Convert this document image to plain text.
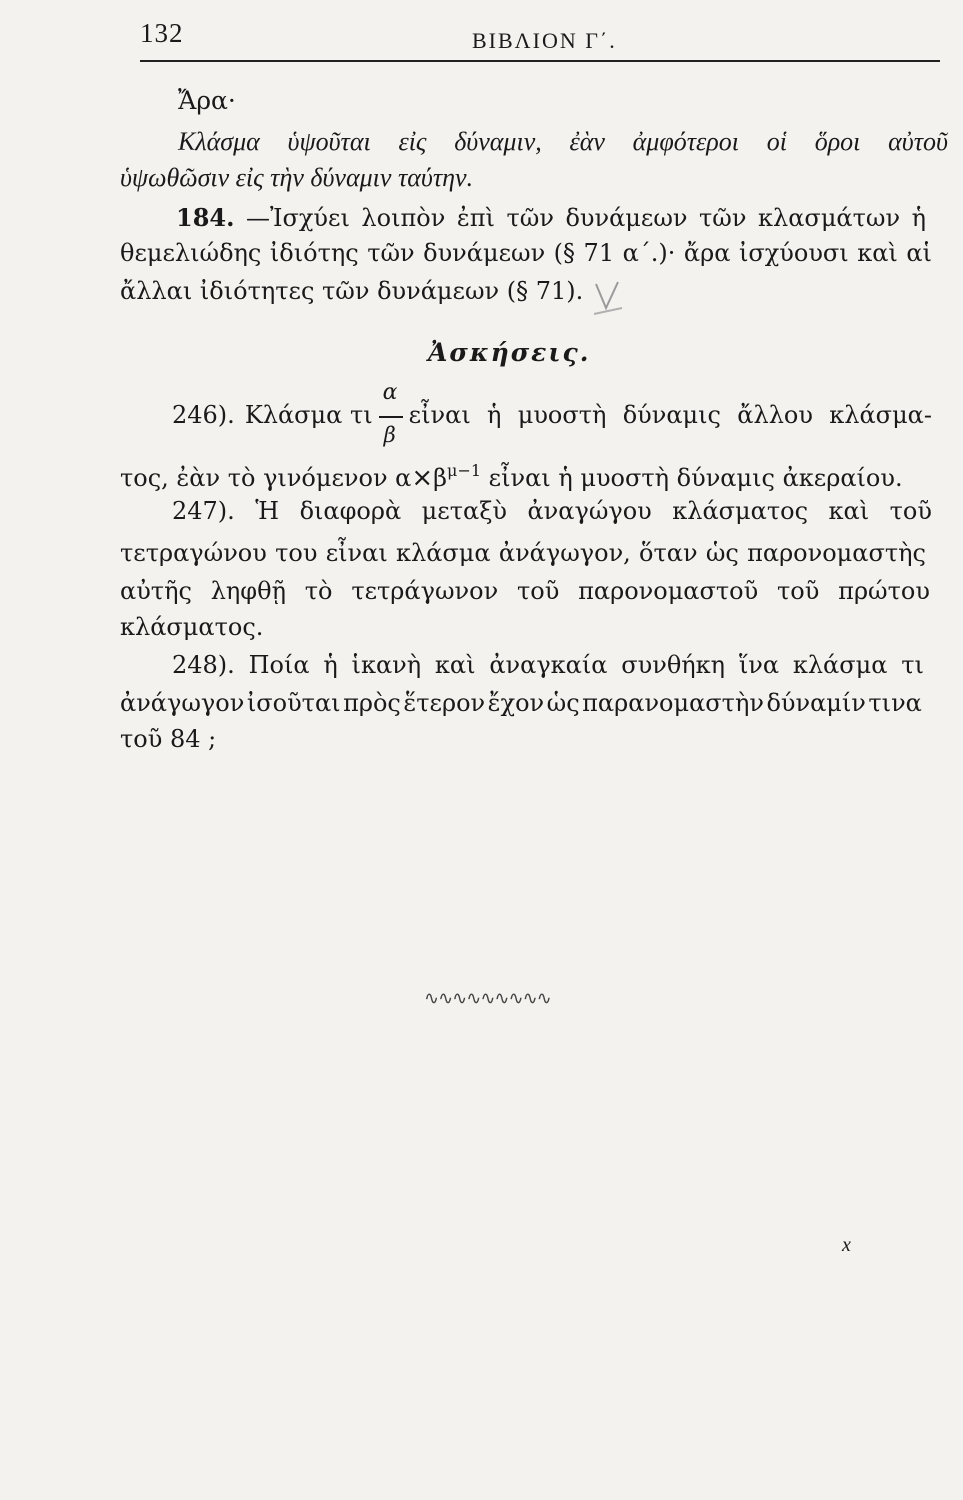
132	ΒΙΒΛΙΟΝ Γ΄.
Ἄρα·
Κλάσμα ὑψοῦται εἰς δύναμιν, ἐὰν ἀμφότεροι οἱ ὅροι αὐτοῦ
ὑψωθῶσιν εἰς τὴν δύναμιν ταύτην.
184. —Ἰσχύει λοιπὸν ἐπὶ τῶν δυνάμεων τῶν κλασμάτων ἡ
θεμελιώδης ἰδιότης τῶν δυνάμεων (§ 71 α΄.)· ἄρα ἰσχύουσι καὶ αἱ
ἄλλαι ἰδιότητες τῶν δυνάμεων (§ 71).
Ἀσκήσεις.
246). Κλάσμα τι $\frac{\alpha}{\beta}$ εἶναι ἡ μυοστὴ δύναμις ἄλλου κλάσμα-
τος, ἐὰν τὸ γινόμενον $\alpha\times\beta^{\mu-1}$ εἶναι ἡ μυοστὴ δύναμις ἀκεραίου.
247). Ἡ διαφορὰ μεταξὺ ἀναγώγου κλάσματος καὶ τοῦ
τετραγώνου του εἶναι κλάσμα ἀνάγωγον, ὅταν ὡς παρονομαστὴς
αὐτῆς ληφθῇ τὸ τετράγωνον τοῦ παρονομαστοῦ τοῦ πρώτου
κλάσματος.
248). Ποία ἡ ἱκανὴ καὶ ἀναγκαία συνθήκη ἵνα κλάσμα τι
ἀνάγωγον ἰσοῦται πρὸς ἕτερον ἔχον ὡς παρανομαστὴν δύναμίν τινα
τοῦ 84 ;
∿∿∿∿∿∿∿∿∿
x
